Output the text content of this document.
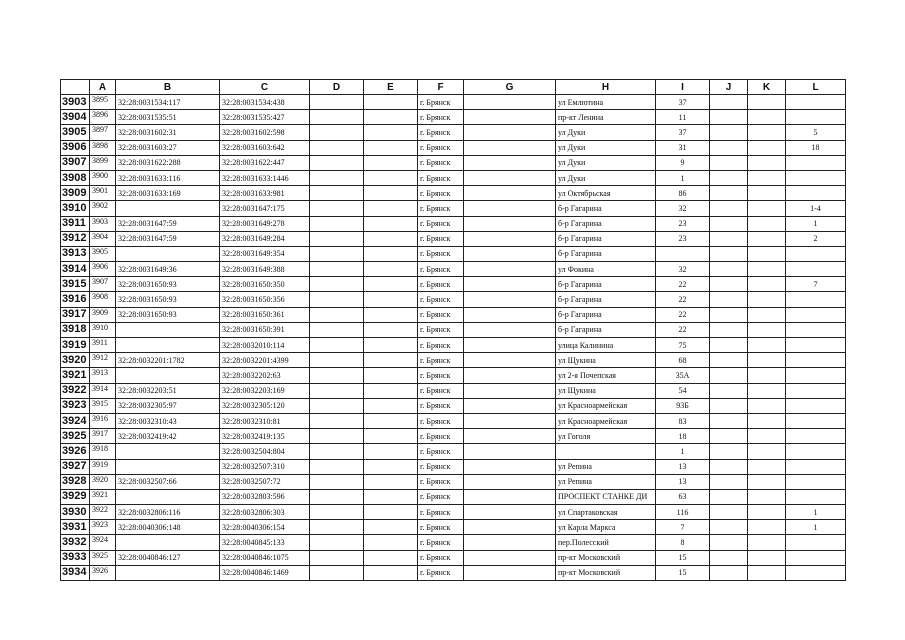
	A	B	C	D	E	F	G	H	I	J	K	L
3903	3895	32:28:0031534:117	32:28:0031534:438			г. Брянск		ул Емлютина	37			
3904	3896	32:28:0031535:51	32:28:0031535:427			г. Брянск		пр-кт Ленина	11			
3905	3897	32:28:0031602:31	32:28:0031602:598			г. Брянск		ул Дуки	37			5
3906	3898	32:28:0031603:27	32:28:0031603:642			г. Брянск		ул Дуки	31			18
3907	3899	32:28:0031622:288	32:28:0031622:447			г. Брянск		ул Дуки	9			
3908	3900	32:28:0031633:116	32:28:0031633:1446			г. Брянск		ул Дуки	1			
3909	3901	32:28:0031633:169	32:28:0031633:981			г. Брянск		ул Октябрьская	86			
3910	3902		32:28:0031647:175			г. Брянск		б-р Гагарина	32			1-4
3911	3903	32:28:0031647:59	32:28:0031649:278			г. Брянск		б-р Гагарина	23			1
3912	3904	32:28:0031647:59	32:28:0031649:284			г. Брянск		б-р Гагарина	23			2
3913	3905		32:28:0031649:354			г. Брянск		б-р Гагарина				
3914	3906	32:28:0031649:36	32:28:0031649:388			г. Брянск		ул Фокина	32			
3915	3907	32:28:0031650:93	32:28:0031650:350			г. Брянск		б-р Гагарина	22			7
3916	3908	32:28:0031650:93	32:28:0031650:356			г. Брянск		б-р Гагарина	22			
3917	3909	32:28:0031650:93	32:28:0031650:361			г. Брянск		б-р Гагарина	22			
3918	3910		32:28:0031650:391			г. Брянск		б-р Гагарина	22			
3919	3911		32:28:0032010:114			г. Брянск		улица Калинина	75			
3920	3912	32:28:0032201:1782	32:28:0032201:4399			г. Брянск		ул Щукина	68			
3921	3913		32:28:0032202:63			г. Брянск		ул 2-я Почепская	35А			
3922	3914	32:28:0032203:51	32:28:0032203:169			г. Брянск		ул Щукина	54			
3923	3915	32:28:0032305:97	32:28:0032305:120			г. Брянск		ул Красноармейская	93Б			
3924	3916	32:28:0032310:43	32:28:0032310:81			г. Брянск		ул Красноармейская	83			
3925	3917	32:28:0032419:42	32:28:0032419:135			г. Брянск		ул Гоголя	18			
3926	3918		32:28:0032504:804			г. Брянск			1			
3927	3919		32:28:0032507:310			г. Брянск		ул Репина	13			
3928	3920	32:28:0032507:66	32:28:0032507:72			г. Брянск		ул Репина	13			
3929	3921		32:28:0032803:596			г. Брянск		ПРОСПЕКТ СТАНКЕ ДИ	63			
3930	3922	32:28:0032806:116	32:28:0032806:303			г. Брянск		ул Спартаковская	116			1
3931	3923	32:28:0040306:148	32:28:0040306:154			г. Брянск		ул Карла Маркса	7			1
3932	3924		32:28:0040845:133			г. Брянск		пер.Полесский	8			
3933	3925	32:28:0040846:127	32:28:0040846:1075			г. Брянск		пр-кт Московский	15			
3934	3926		32:28:0040846:1469			г. Брянск		пр-кт Московский	15			
